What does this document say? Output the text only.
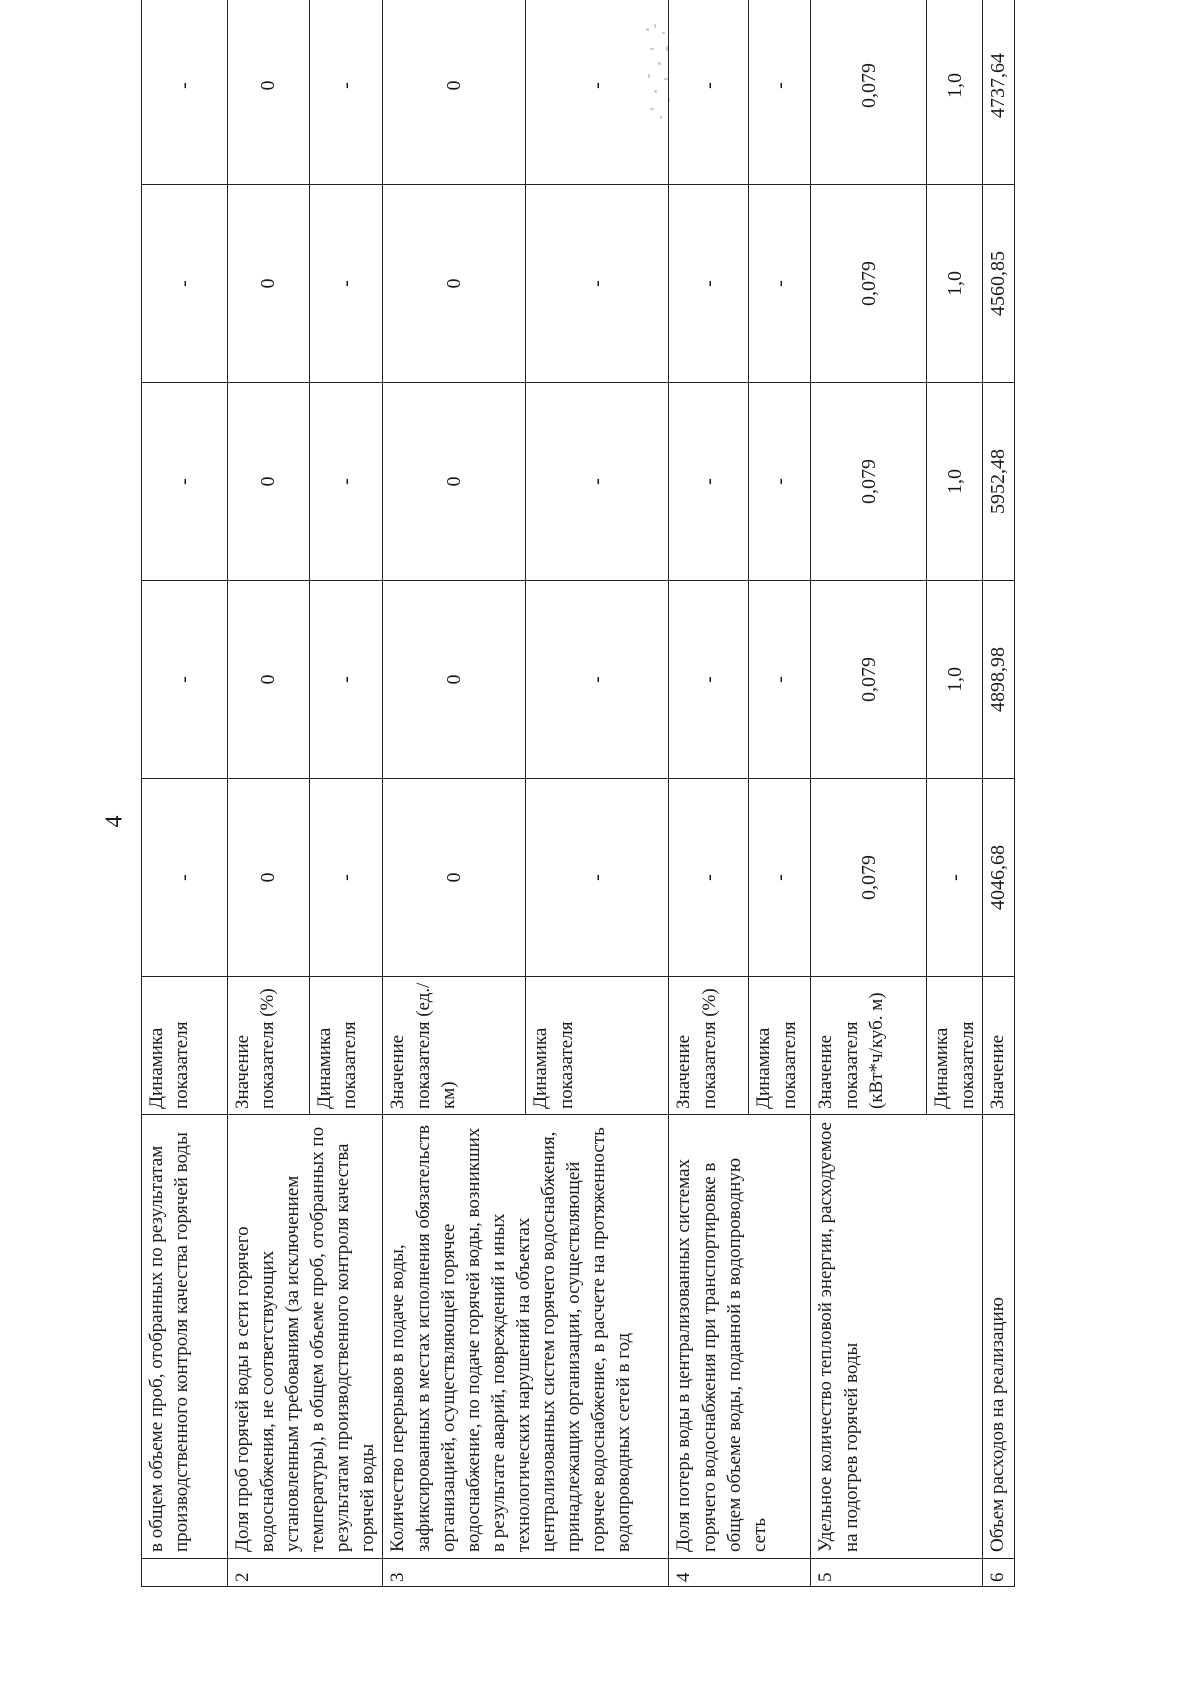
4
	в общем объеме проб, отобранных по результатам производственного контроля качества горячей воды	Динамика показателя	-	-	-	-	-
2	Доля проб горячей воды в сети горячего водоснабжения, не соответствующих установленным требованиям (за исключением температуры), в общем объеме проб, отобранных по результатам производственного контроля качества горячей воды	Значение показателя (%)	0	0	0	0	0
		Динамика показателя	-	-	-	-	-
3	Количество перерывов в подаче воды, зафиксированных в местах исполнения обязательств организацией, осуществляющей горячее водоснабжение, по подаче горячей воды, возникших в результате аварий, повреждений и иных технологических нарушений на объектах централизованных систем горячего водоснабжения, принадлежащих организации, осуществляющей горячее водоснабжение, в расчете на протяженность водопроводных сетей в год	Значение показателя (ед./км)	0	0	0	0	0
		Динамика показателя	-	-	-	-	-
4	Доля потерь воды в централизованных системах горячего водоснабжения при транспортировке в общем объеме воды, поданной в водопроводную сеть	Значение показателя (%)	-	-	-	-	-
		Динамика показателя	-	-	-	-	-
5	Удельное количество тепловой энергии, расходуемое на подогрев горячей воды	Значение показателя (кВт*ч/куб. м)	0,079	0,079	0,079	0,079	0,079
		Динамика показателя	-	1,0	1,0	1,0	1,0
6	Объем расходов на реализацию	Значение	4046,68	4898,98	5952,48	4560,85	4737,64
